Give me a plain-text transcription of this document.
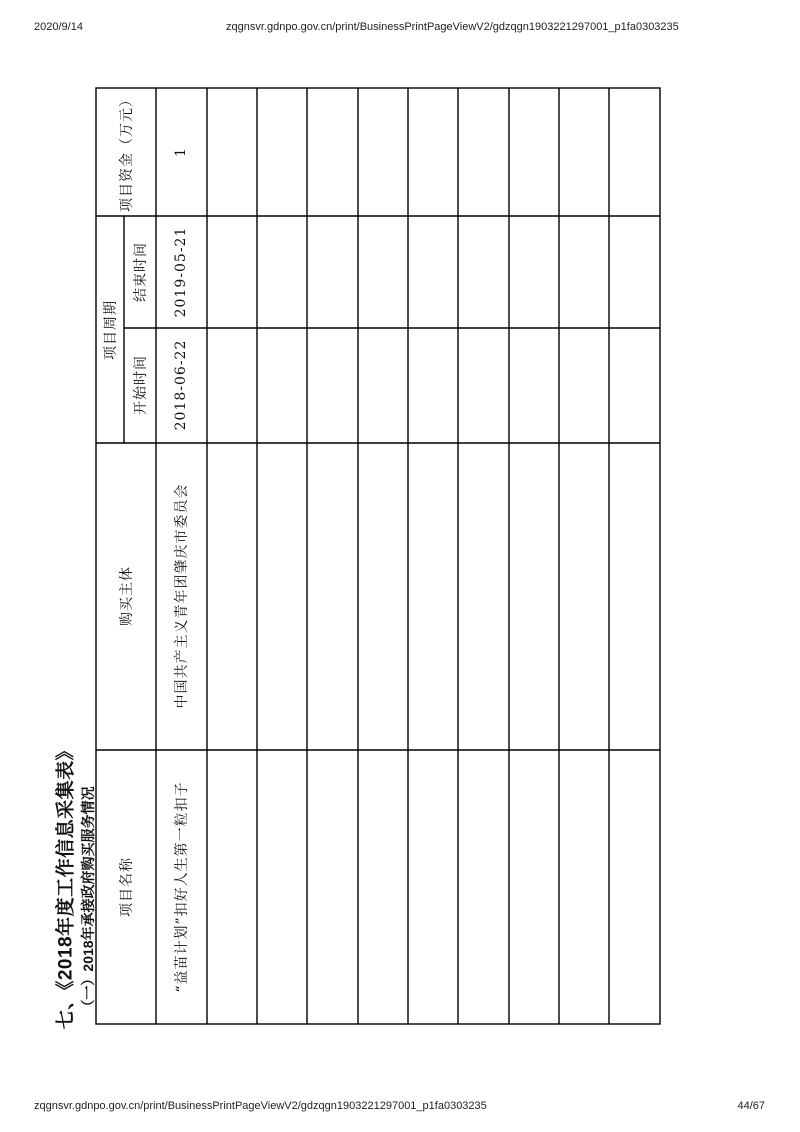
2020/9/14	zqgnsvr.gdnpo.gov.cn/print/BusinessPrintPageViewV2/gdzqgn1903221297001_p1fa0303235
七、《2018年度工作信息采集表》 （一）2018年承接政府购买服务情况 项目名称
购买主体
项目周期
开始时间
结束时间
项目资金（万元）
“益苗计划”扣好人生第一粒扣子
中国共产主义青年团肇庆市委员会
2018-06-22
2019-05-21
1
zqgnsvr.gdnpo.gov.cn/print/BusinessPrintPageViewV2/gdzqgn1903221297001_p1fa0303235	44/67
